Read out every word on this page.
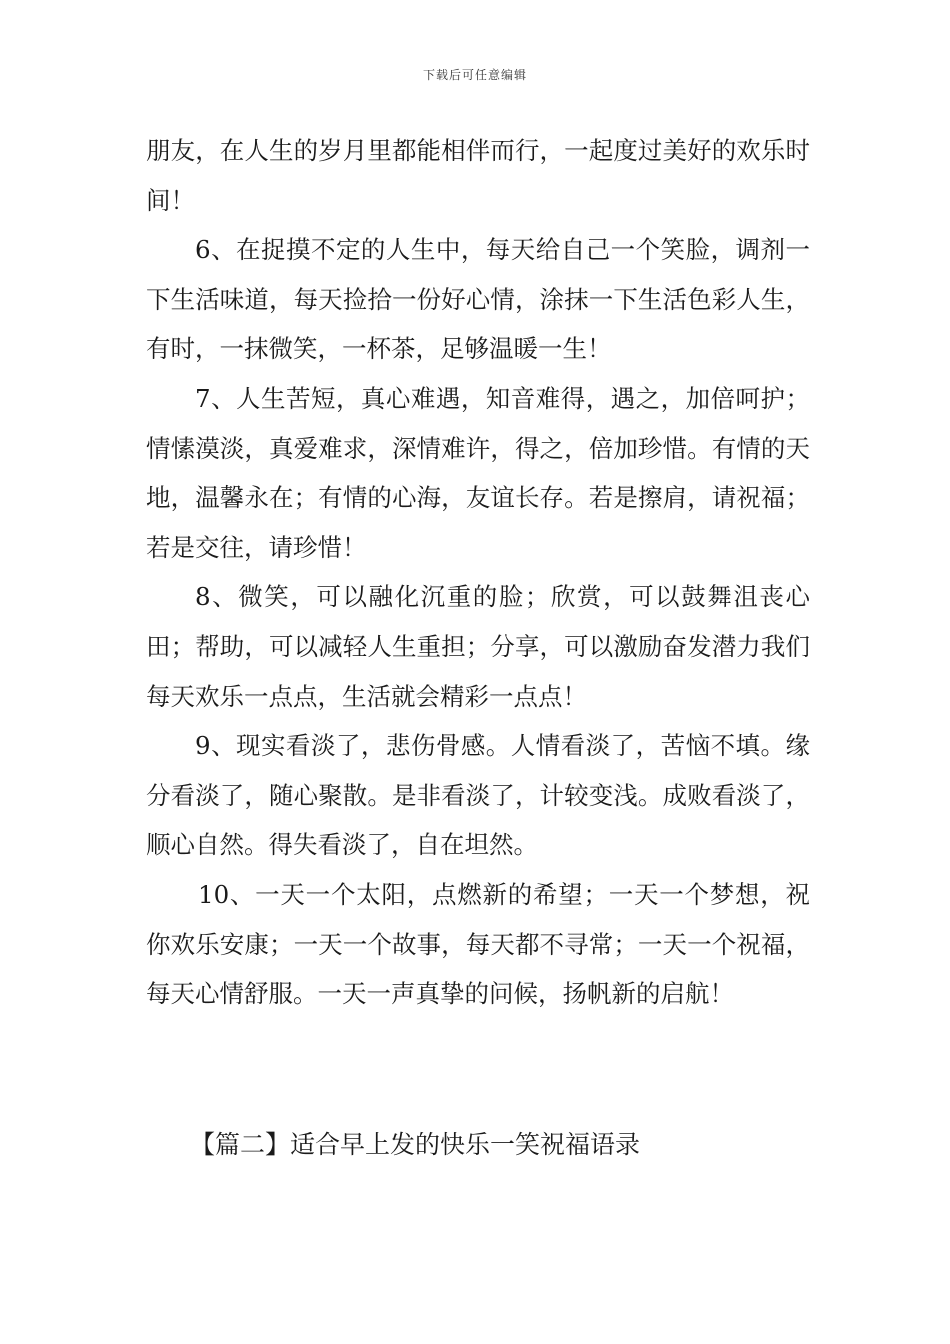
下载后可任意编辑

朋友，在人生的岁月里都能相伴而行，一起度过美好的欢乐时间！

6、在捉摸不定的人生中，每天给自己一个笑脸，调剂一下生活味道，每天捡拾一份好心情，涂抹一下生活色彩人生，有时，一抹微笑，一杯茶，足够温暖一生！

7、人生苦短，真心难遇，知音难得，遇之，加倍呵护；情愫漠淡，真爱难求，深情难许，得之，倍加珍惜。有情的天地，温馨永在；有情的心海，友谊长存。若是擦肩，请祝福；若是交往，请珍惜！

8、微笑，可以融化沉重的脸；欣赏，可以鼓舞沮丧心田；帮助，可以减轻人生重担；分享，可以激励奋发潜力我们每天欢乐一点点，生活就会精彩一点点！

9、现实看淡了，悲伤骨感。人情看淡了，苦恼不填。缘分看淡了，随心聚散。是非看淡了，计较变浅。成败看淡了，顺心自然。得失看淡了，自在坦然。

10、一天一个太阳，点燃新的希望；一天一个梦想，祝你欢乐安康；一天一个故事，每天都不寻常；一天一个祝福，每天心情舒服。一天一声真挚的问候，扬帆新的启航！

【篇二】适合早上发的快乐一笑祝福语录
